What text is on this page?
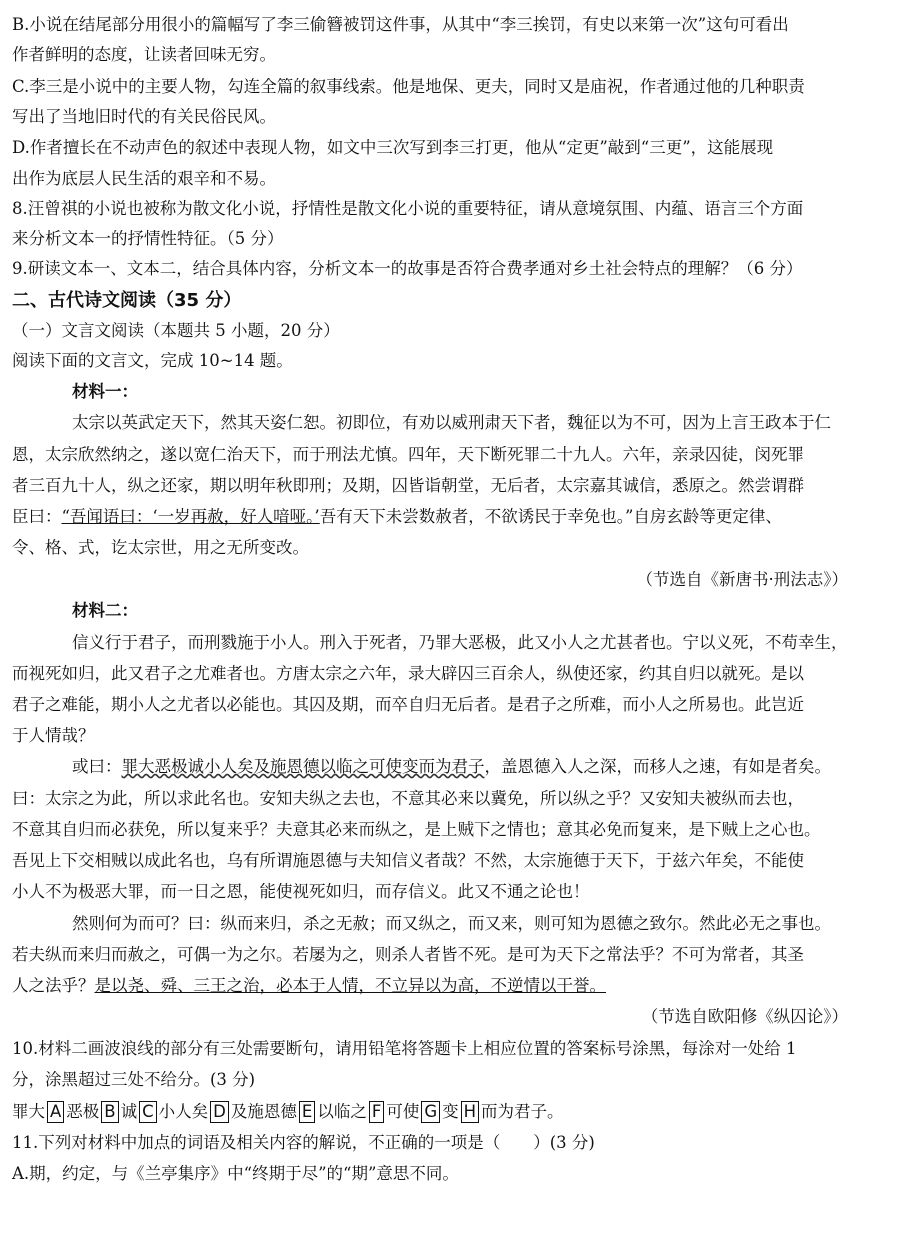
B.小说在结尾部分用很小的篇幅写了李三偷簪被罚这件事，从其中“李三挨罚，有史以来第一次”这句可看出
作者鲜明的态度，让读者回味无穷。
C.李三是小说中的主要人物，勾连全篇的叙事线索。他是地保、更夫，同时又是庙祝，作者通过他的几种职责
写出了当地旧时代的有关民俗民风。
D.作者擅长在不动声色的叙述中表现人物，如文中三次写到李三打更，他从“定更”敲到“三更”，这能展现
出作为底层人民生活的艰辛和不易。
8.汪曾祺的小说也被称为散文化小说，抒情性是散文化小说的重要特征，请从意境氛围、内蕴、语言三个方面
来分析文本一的抒情性特征。（5 分）
9.研读文本一、文本二，结合具体内容，分析文本一的故事是否符合费孝通对乡土社会特点的理解？（6 分）
二、古代诗文阅读（35 分）
（一）文言文阅读（本题共 5 小题，20 分）
阅读下面的文言文，完成 10~14 题。
材料一：
太宗以英武定天下，然其天姿仁恕。初即位，有劝以威刑肃天下者，魏征以为不可，因为上言王政本于仁
恩，太宗欣然纳之，遂以宽仁治天下，而于刑法尤慎。四年，天下断死罪二十九人。六年，亲录囚徒，闵死罪
者三百九十人，纵之还家，期以明年秋即刑；及期，囚皆诣朝堂，无后者，太宗嘉其诚信，悉原之。然尝谓群
臣曰：“吾闻语曰：‘一岁再赦，好人喑哑。’吾有天下未尝数赦者，不欲诱民于幸免也。”自房玄龄等更定律、
令、格、式，讫太宗世，用之无所变改。
（节选自《新唐书·刑法志》）
材料二：
信义行于君子，而刑戮施于小人。刑入于死者，乃罪大恶极，此又小人之尤甚者也。宁以义死，不苟幸生，
而视死如归，此又君子之尤难者也。方唐太宗之六年，录大辟囚三百余人，纵使还家，约其自归以就死。是以
君子之难能，期小人之尤者以必能也。其囚及期，而卒自归无后者。是君子之所难，而小人之所易也。此岂近
于人情哉？
或曰：罪大恶极诚小人矣及施恩德以临之可使变而为君子，盖恩德入人之深，而移人之速，有如是者矣。
曰：太宗之为此，所以求此名也。安知夫纵之去也，不意其必来以冀免，所以纵之乎？又安知夫被纵而去也，
不意其自归而必获免，所以复来乎？夫意其必来而纵之，是上贼下之情也；意其必免而复来，是下贼上之心也。
吾见上下交相贼以成此名也，乌有所谓施恩德与夫知信义者哉？不然，太宗施德于天下，于兹六年矣，不能使
小人不为极恶大罪，而一日之恩，能使视死如归，而存信义。此又不通之论也！
然则何为而可？曰：纵而来归，杀之无赦；而又纵之，而又来，则可知为恩德之致尔。然此必无之事也。
若夫纵而来归而赦之，可偶一为之尔。若屡为之，则杀人者皆不死。是可为天下之常法乎？不可为常者，其圣
人之法乎？是以尧、舜、三王之治，必本于人情，不立异以为高，不逆情以干誉。
（节选自欧阳修《纵囚论》）
10.材料二画波浪线的部分有三处需要断句，请用铅笔将答题卡上相应位置的答案标号涂黑，每涂对一处给 1
分，涂黑超过三处不给分。(3 分)
罪大 A 恶极 B 诚 C 小人矣 D 及施恩德 E 以临之 F 可使 G 变 H 而为君子。
11.下列对材料中加点的词语及相关内容的解说，不正确的一项是（　　）(3 分)
A.期，约定，与《兰亭集序》中“终期于尽”的“期”意思不同。
